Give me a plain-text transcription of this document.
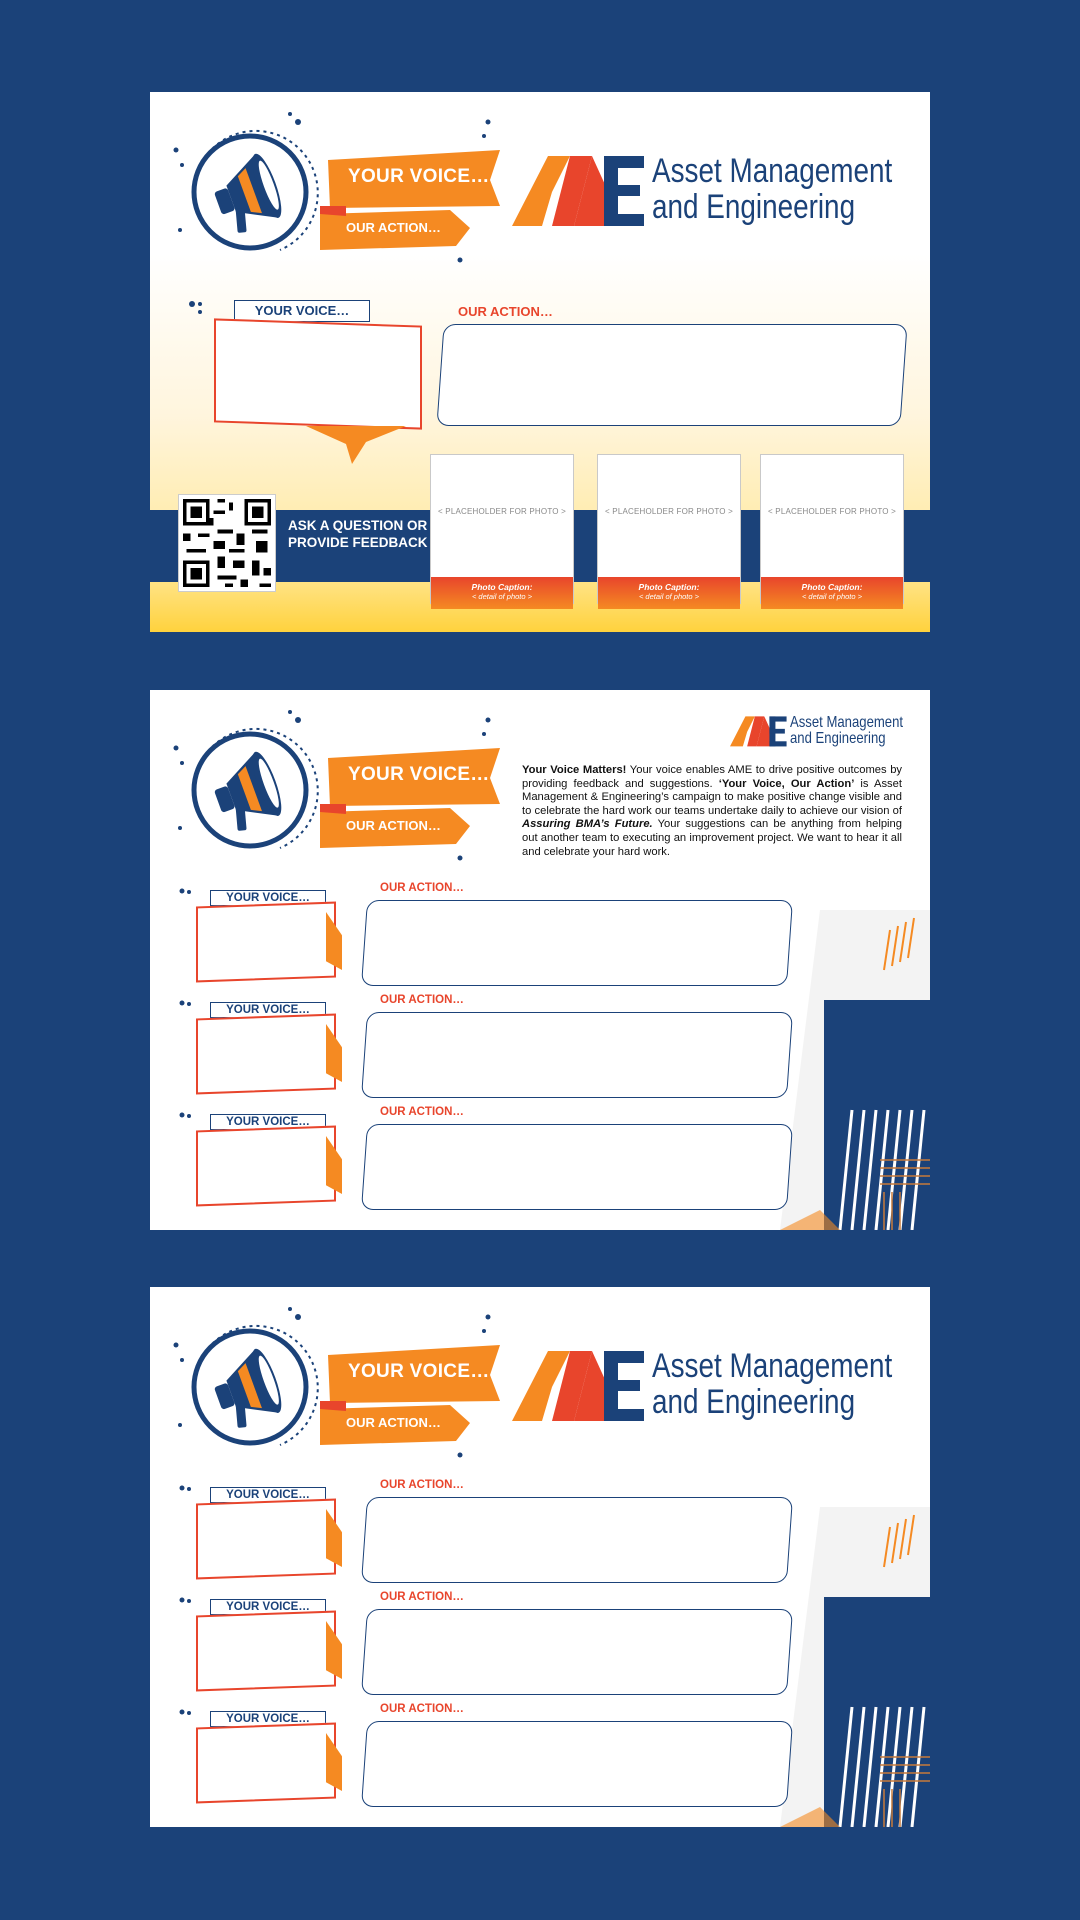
YOUR VOICE…
OUR ACTION…
Asset Management
and Engineering
YOUR VOICE…	OUR ACTION…
ASK A QUESTION OR PROVIDE FEEDBACK
< PLACEHOLDER FOR PHOTO >
Photo Caption:
< detail of photo >
< PLACEHOLDER FOR PHOTO >
Photo Caption:
< detail of photo >
< PLACEHOLDER FOR PHOTO >
Photo Caption:
< detail of photo >
YOUR VOICE…
OUR ACTION…
Asset Management
and Engineering

Your Voice Matters! Your voice enables AME to drive positive outcomes by providing feedback and suggestions. ‘Your Voice, Our Action’ is Asset Management & Engineering’s campaign to make positive change visible and to celebrate the hard work our teams undertake daily to achieve our vision of Assuring BMA’s Future. Your suggestions can be anything from helping out another team to executing an improvement project. We want to hear it all and celebrate your hard work.

YOUR VOICE…
OUR ACTION…
YOUR VOICE…
OUR ACTION…
YOUR VOICE…
OUR ACTION…
YOUR VOICE…
OUR ACTION…
Asset Management
and Engineering
YOUR VOICE…
OUR ACTION…
YOUR VOICE…
OUR ACTION…
YOUR VOICE…
OUR ACTION…
